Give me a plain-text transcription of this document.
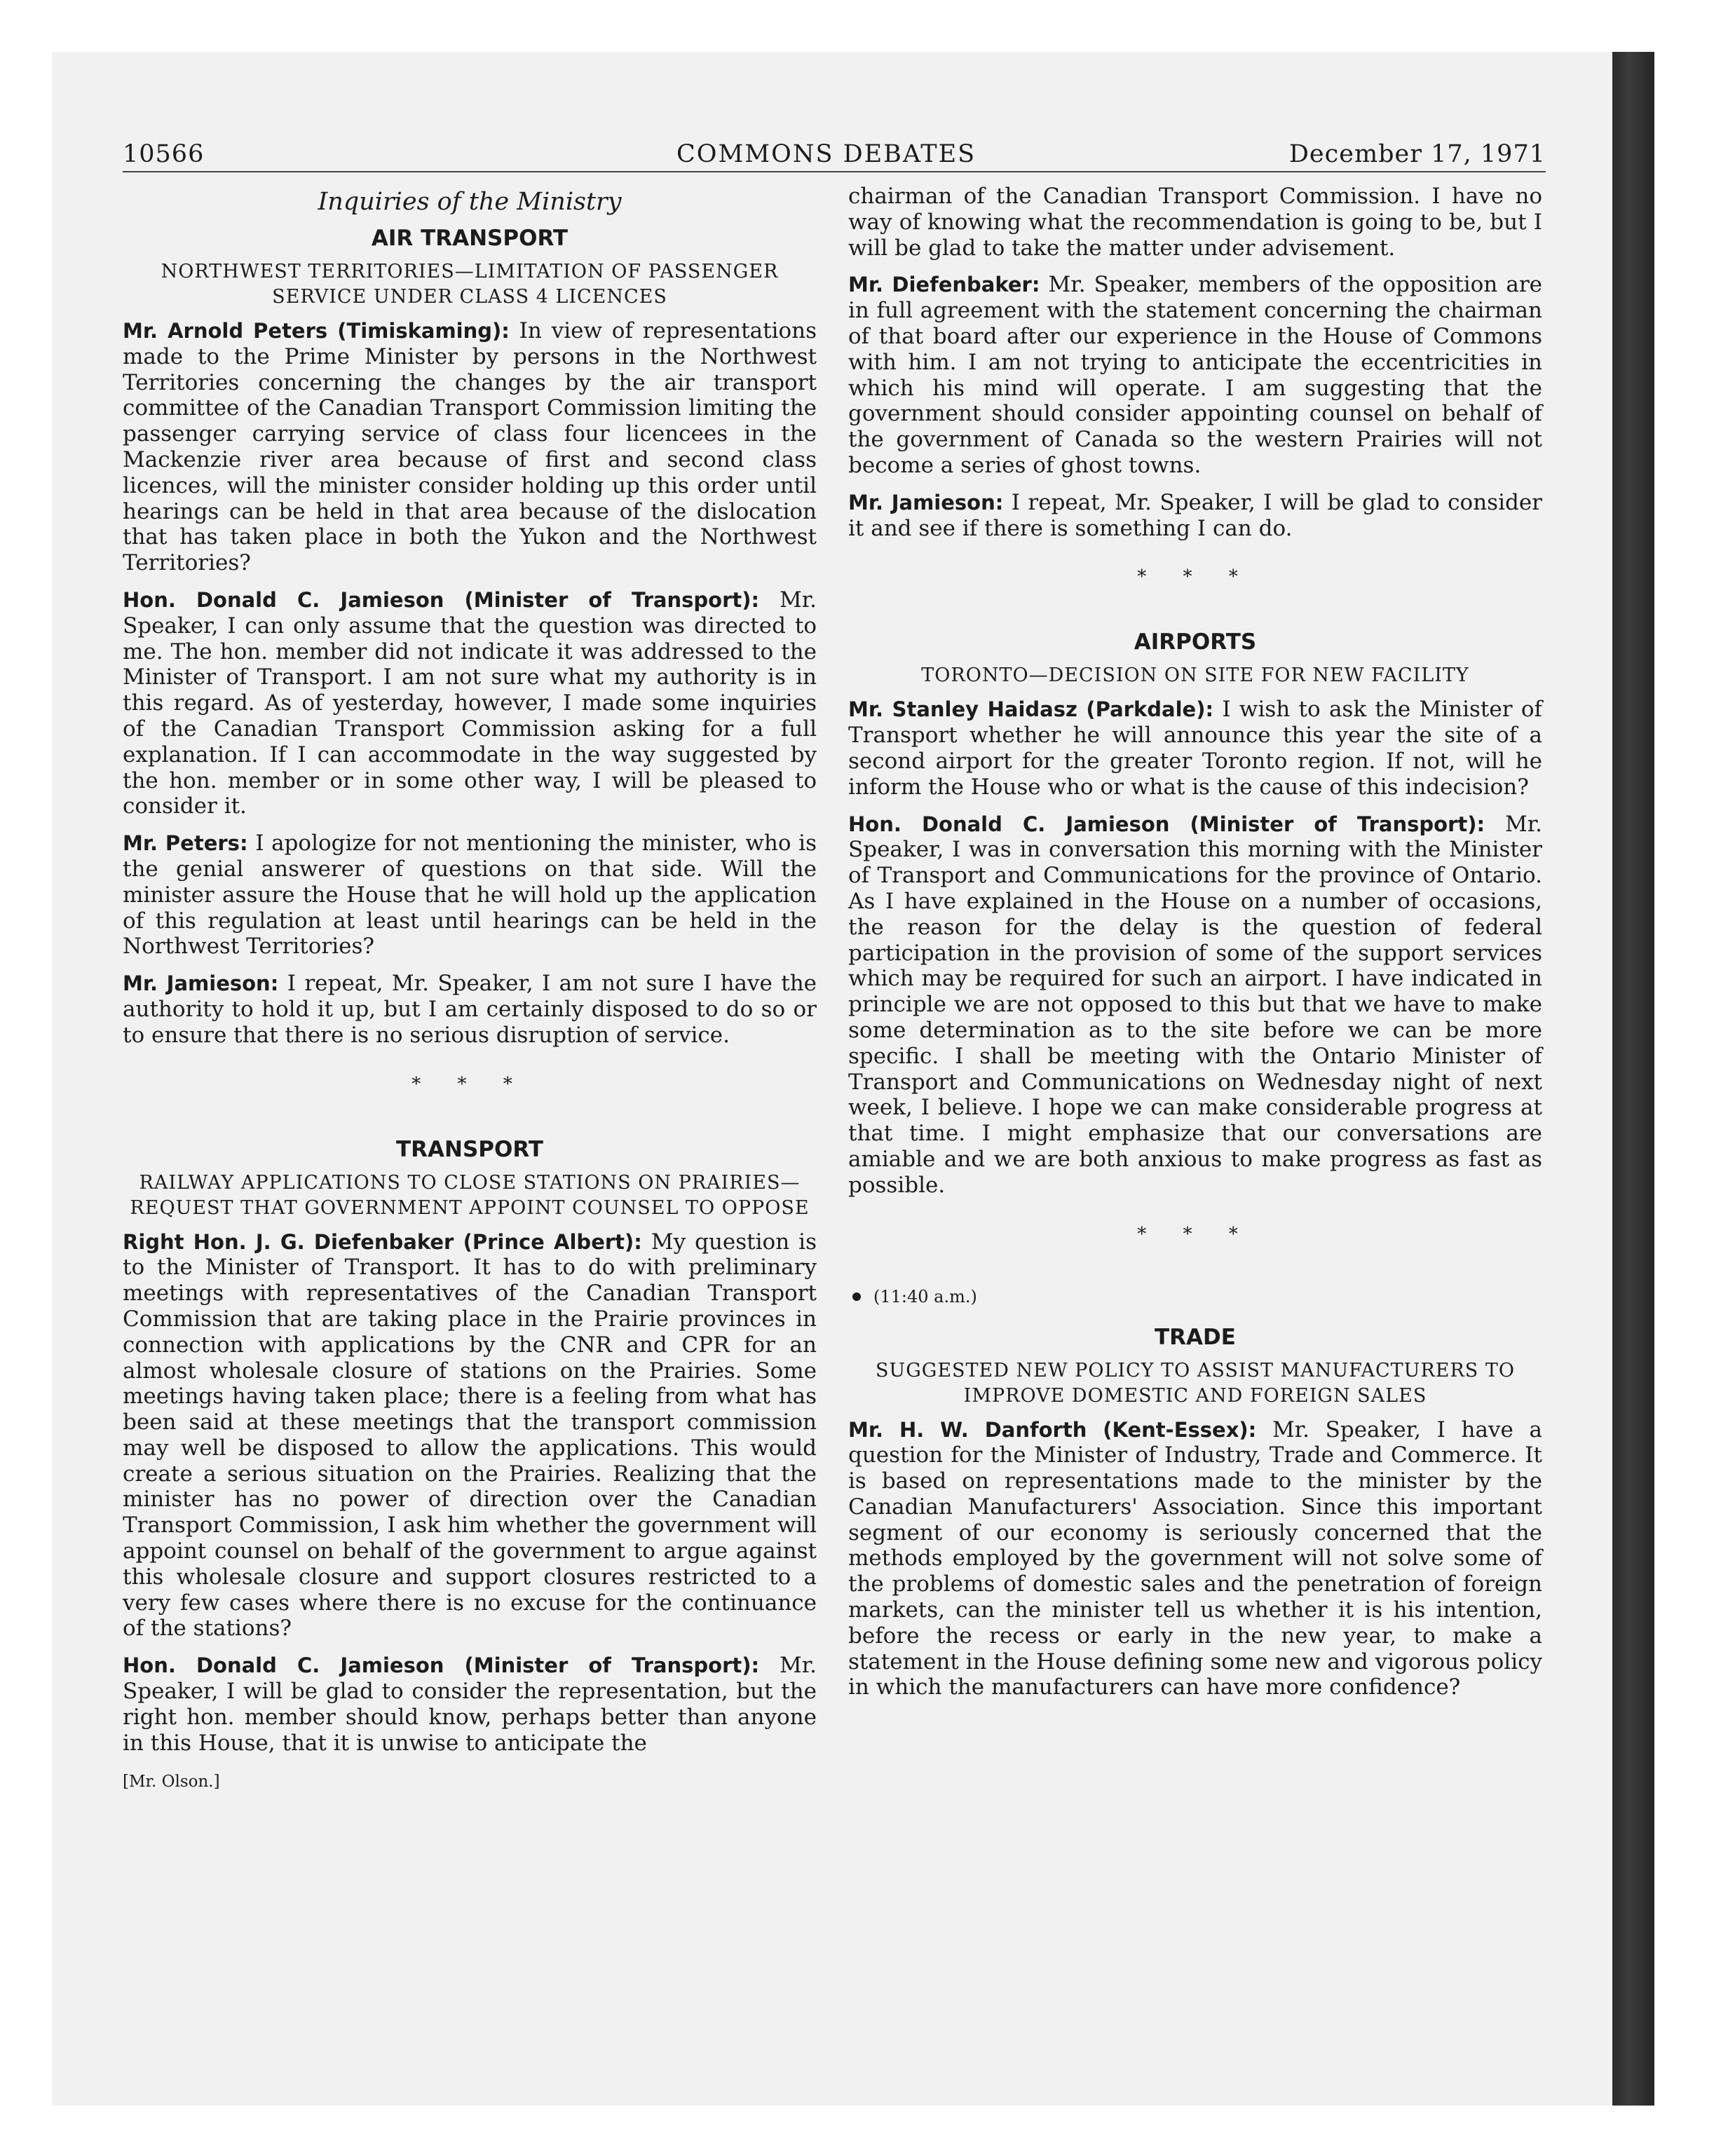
10566	COMMONS DEBATES	December 17, 1971
Inquiries of the Ministry
AIR TRANSPORT
NORTHWEST TERRITORIES—LIMITATION OF PASSENGER SERVICE UNDER CLASS 4 LICENCES

Mr. Arnold Peters (Timiskaming): In view of representations made to the Prime Minister by persons in the Northwest Territories concerning the changes by the air transport committee of the Canadian Transport Commission limiting the passenger carrying service of class four licencees in the Mackenzie river area because of first and second class licences, will the minister consider holding up this order until hearings can be held in that area because of the dislocation that has taken place in both the Yukon and the Northwest Territories?

Hon. Donald C. Jamieson (Minister of Transport): Mr. Speaker, I can only assume that the question was directed to me. The hon. member did not indicate it was addressed to the Minister of Transport. I am not sure what my authority is in this regard. As of yesterday, however, I made some inquiries of the Canadian Transport Commission asking for a full explanation. If I can accommodate in the way suggested by the hon. member or in some other way, I will be pleased to consider it.

Mr. Peters: I apologize for not mentioning the minister, who is the genial answerer of questions on that side. Will the minister assure the House that he will hold up the application of this regulation at least until hearings can be held in the Northwest Territories?

Mr. Jamieson: I repeat, Mr. Speaker, I am not sure I have the authority to hold it up, but I am certainly disposed to do so or to ensure that there is no serious disruption of service.

* * *
TRANSPORT
RAILWAY APPLICATIONS TO CLOSE STATIONS ON PRAIRIES—REQUEST THAT GOVERNMENT APPOINT COUNSEL TO OPPOSE

Right Hon. J. G. Diefenbaker (Prince Albert): My question is to the Minister of Transport. It has to do with preliminary meetings with representatives of the Canadian Transport Commission that are taking place in the Prairie provinces in connection with applications by the CNR and CPR for an almost wholesale closure of stations on the Prairies. Some meetings having taken place; there is a feeling from what has been said at these meetings that the transport commission may well be disposed to allow the applications. This would create a serious situation on the Prairies. Realizing that the minister has no power of direction over the Canadian Transport Commission, I ask him whether the government will appoint counsel on behalf of the government to argue against this wholesale closure and support closures restricted to a very few cases where there is no excuse for the continuance of the stations?

Hon. Donald C. Jamieson (Minister of Transport): Mr. Speaker, I will be glad to consider the representation, but the right hon. member should know, perhaps better than anyone in this House, that it is unwise to anticipate the

[Mr. Olson.]

chairman of the Canadian Transport Commission. I have no way of knowing what the recommendation is going to be, but I will be glad to take the matter under advisement.

Mr. Diefenbaker: Mr. Speaker, members of the opposition are in full agreement with the statement concerning the chairman of that board after our experience in the House of Commons with him. I am not trying to anticipate the eccentricities in which his mind will operate. I am suggesting that the government should consider appointing counsel on behalf of the government of Canada so the western Prairies will not become a series of ghost towns.

Mr. Jamieson: I repeat, Mr. Speaker, I will be glad to consider it and see if there is something I can do.

* * *
AIRPORTS
TORONTO—DECISION ON SITE FOR NEW FACILITY

Mr. Stanley Haidasz (Parkdale): I wish to ask the Minister of Transport whether he will announce this year the site of a second airport for the greater Toronto region. If not, will he inform the House who or what is the cause of this indecision?

Hon. Donald C. Jamieson (Minister of Transport): Mr. Speaker, I was in conversation this morning with the Minister of Transport and Communications for the province of Ontario. As I have explained in the House on a number of occasions, the reason for the delay is the question of federal participation in the provision of some of the support services which may be required for such an airport. I have indicated in principle we are not opposed to this but that we have to make some determination as to the site before we can be more specific. I shall be meeting with the Ontario Minister of Transport and Communications on Wednesday night of next week, I believe. I hope we can make considerable progress at that time. I might emphasize that our conversations are amiable and we are both anxious to make progress as fast as possible.

* * *
(11:40 a.m.)
TRADE
SUGGESTED NEW POLICY TO ASSIST MANUFACTURERS TO IMPROVE DOMESTIC AND FOREIGN SALES

Mr. H. W. Danforth (Kent-Essex): Mr. Speaker, I have a question for the Minister of Industry, Trade and Commerce. It is based on representations made to the minister by the Canadian Manufacturers' Association. Since this important segment of our economy is seriously concerned that the methods employed by the government will not solve some of the problems of domestic sales and the penetration of foreign markets, can the minister tell us whether it is his intention, before the recess or early in the new year, to make a statement in the House defining some new and vigorous policy in which the manufacturers can have more confidence?
